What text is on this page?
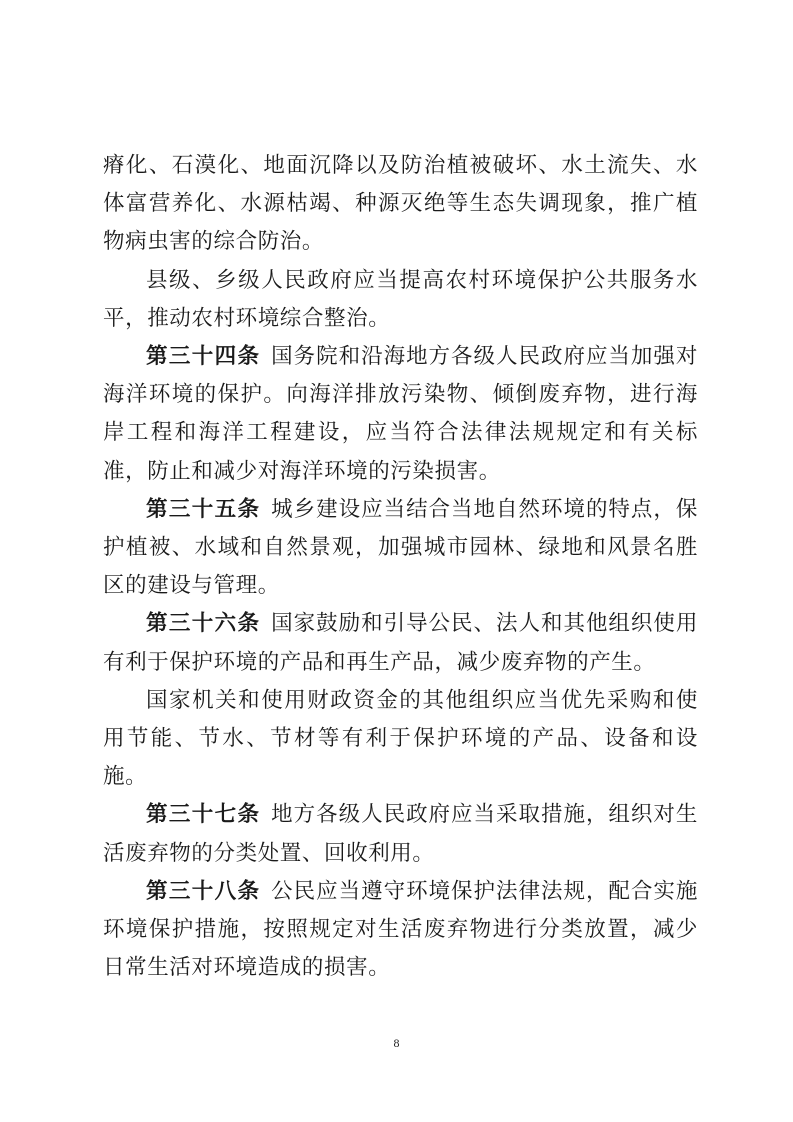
瘠化、石漠化、地面沉降以及防治植被破坏、水土流失、水体富营养化、水源枯竭、种源灭绝等生态失调现象，推广植物病虫害的综合防治。

县级、乡级人民政府应当提高农村环境保护公共服务水平，推动农村环境综合整治。

第三十四条 国务院和沿海地方各级人民政府应当加强对海洋环境的保护。向海洋排放污染物、倾倒废弃物，进行海岸工程和海洋工程建设，应当符合法律法规规定和有关标准，防止和减少对海洋环境的污染损害。

第三十五条 城乡建设应当结合当地自然环境的特点，保护植被、水域和自然景观，加强城市园林、绿地和风景名胜区的建设与管理。

第三十六条 国家鼓励和引导公民、法人和其他组织使用有利于保护环境的产品和再生产品，减少废弃物的产生。

国家机关和使用财政资金的其他组织应当优先采购和使用节能、节水、节材等有利于保护环境的产品、设备和设施。

第三十七条 地方各级人民政府应当采取措施，组织对生活废弃物的分类处置、回收利用。

第三十八条 公民应当遵守环境保护法律法规，配合实施环境保护措施，按照规定对生活废弃物进行分类放置，减少日常生活对环境造成的损害。

8
